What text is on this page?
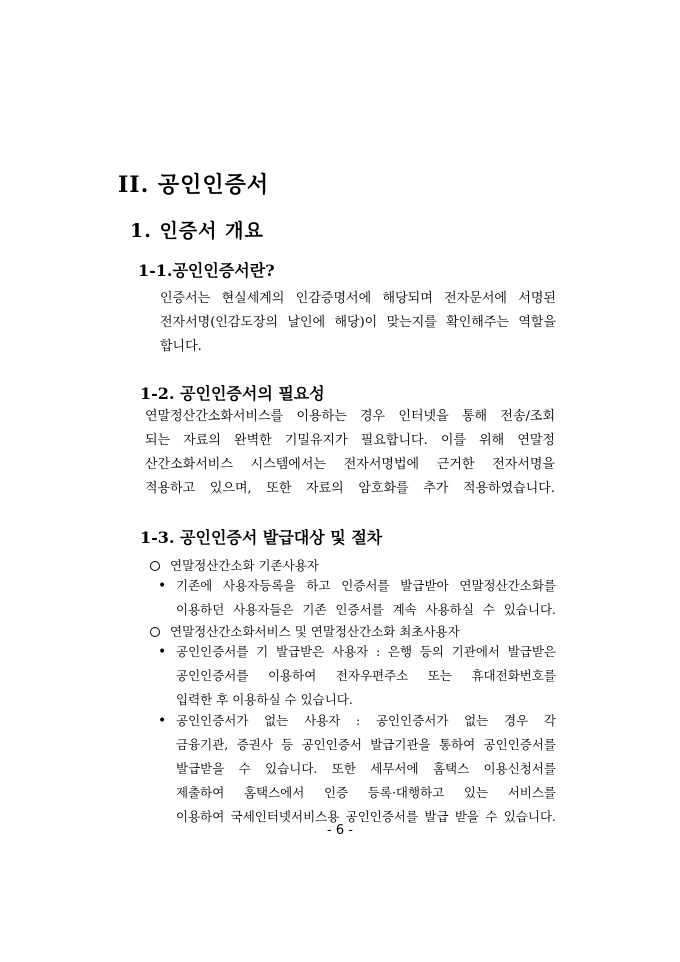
II. 공인인증서
1. 인증서 개요
1-1.공인인증서란?
인증서는 현실세계의 인감증명서에 해당되며 전자문서에 서명된
전자서명(인감도장의 날인에 해당)이 맞는지를 확인해주는 역할을
합니다.
1-2. 공인인증서의 필요성
연말정산간소화서비스를 이용하는 경우 인터넷을 통해 전송/조회
되는 자료의 완벽한 기밀유지가 필요합니다. 이를 위해 연말정
산간소화서비스 시스템에서는 전자서명법에 근거한 전자서명을
적용하고 있으며, 또한 자료의 암호화를 추가 적용하였습니다.
1-3. 공인인증서 발급대상 및 절차
연말정산간소화 기존사용자
• 기존에 사용자등록을 하고 인증서를 발급받아 연말정산간소화를
이용하던 사용자들은 기존 인증서를 계속 사용하실 수 있습니다.
연말정산간소화서비스 및 연말정산간소화 최초사용자
• 공인인증서를 기 발급받은 사용자 : 은행 등의 기관에서 발급받은
공인인증서를 이용하여 전자우편주소 또는 휴대전화번호를
입력한 후 이용하실 수 있습니다.
• 공인인증서가 없는 사용자 : 공인인증서가 없는 경우 각
금융기관, 증권사 등 공인인증서 발급기관을 통하여 공인인증서를
발급받을 수 있습니다. 또한 세무서에 홈택스 이용신청서를
제출하여 홈택스에서 인증 등록·대행하고 있는 서비스를
이용하여 국세인터넷서비스용 공인인증서를 발급 받을 수 있습니다.
- 6 -
